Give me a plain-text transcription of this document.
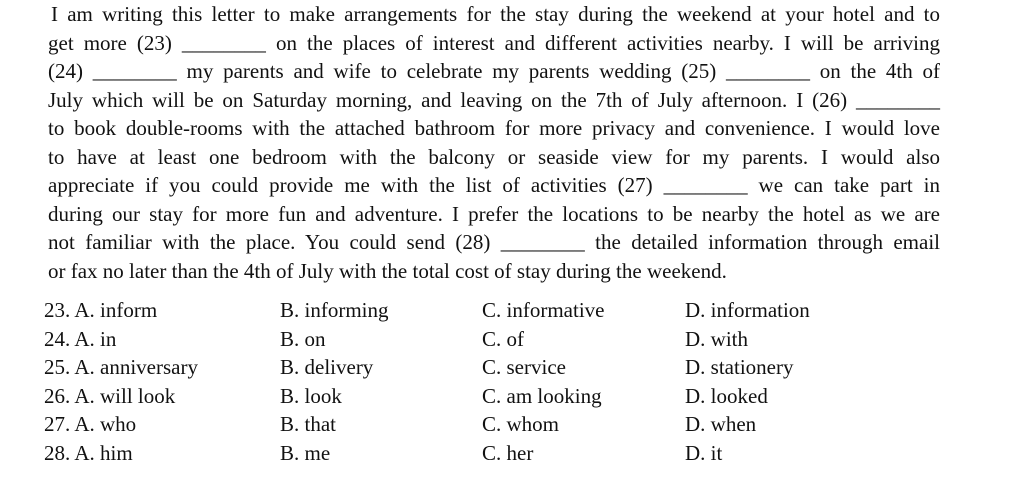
I am writing this letter to make arrangements for the stay during the weekend at your hotel and to
get more (23) ________ on the places of interest and different activities nearby. I will be arriving
(24) ________ my parents and wife to celebrate my parents wedding (25) ________ on the 4th of
July which will be on Saturday morning, and leaving on the 7th of July afternoon. I (26) ________
to book double-rooms with the attached bathroom for more privacy and convenience. I would love
to have at least one bedroom with the balcony or seaside view for my parents. I would also
appreciate if you could provide me with the list of activities (27) ________ we can take part in
during our stay for more fun and adventure. I prefer the locations to be nearby the hotel as we are
not familiar with the place. You could send (28) ________ the detailed information through email
or fax no later than the 4th of July with the total cost of stay during the weekend.
23. A. inform	B. informing	C. informative	D. information
24. A. in	B. on	C. of	D. with
25. A. anniversary	B. delivery	C. service	D. stationery
26. A. will look	B. look	C. am looking	D. looked
27. A. who	B. that	C. whom	D. when
28. A. him	B. me	C. her	D. it
